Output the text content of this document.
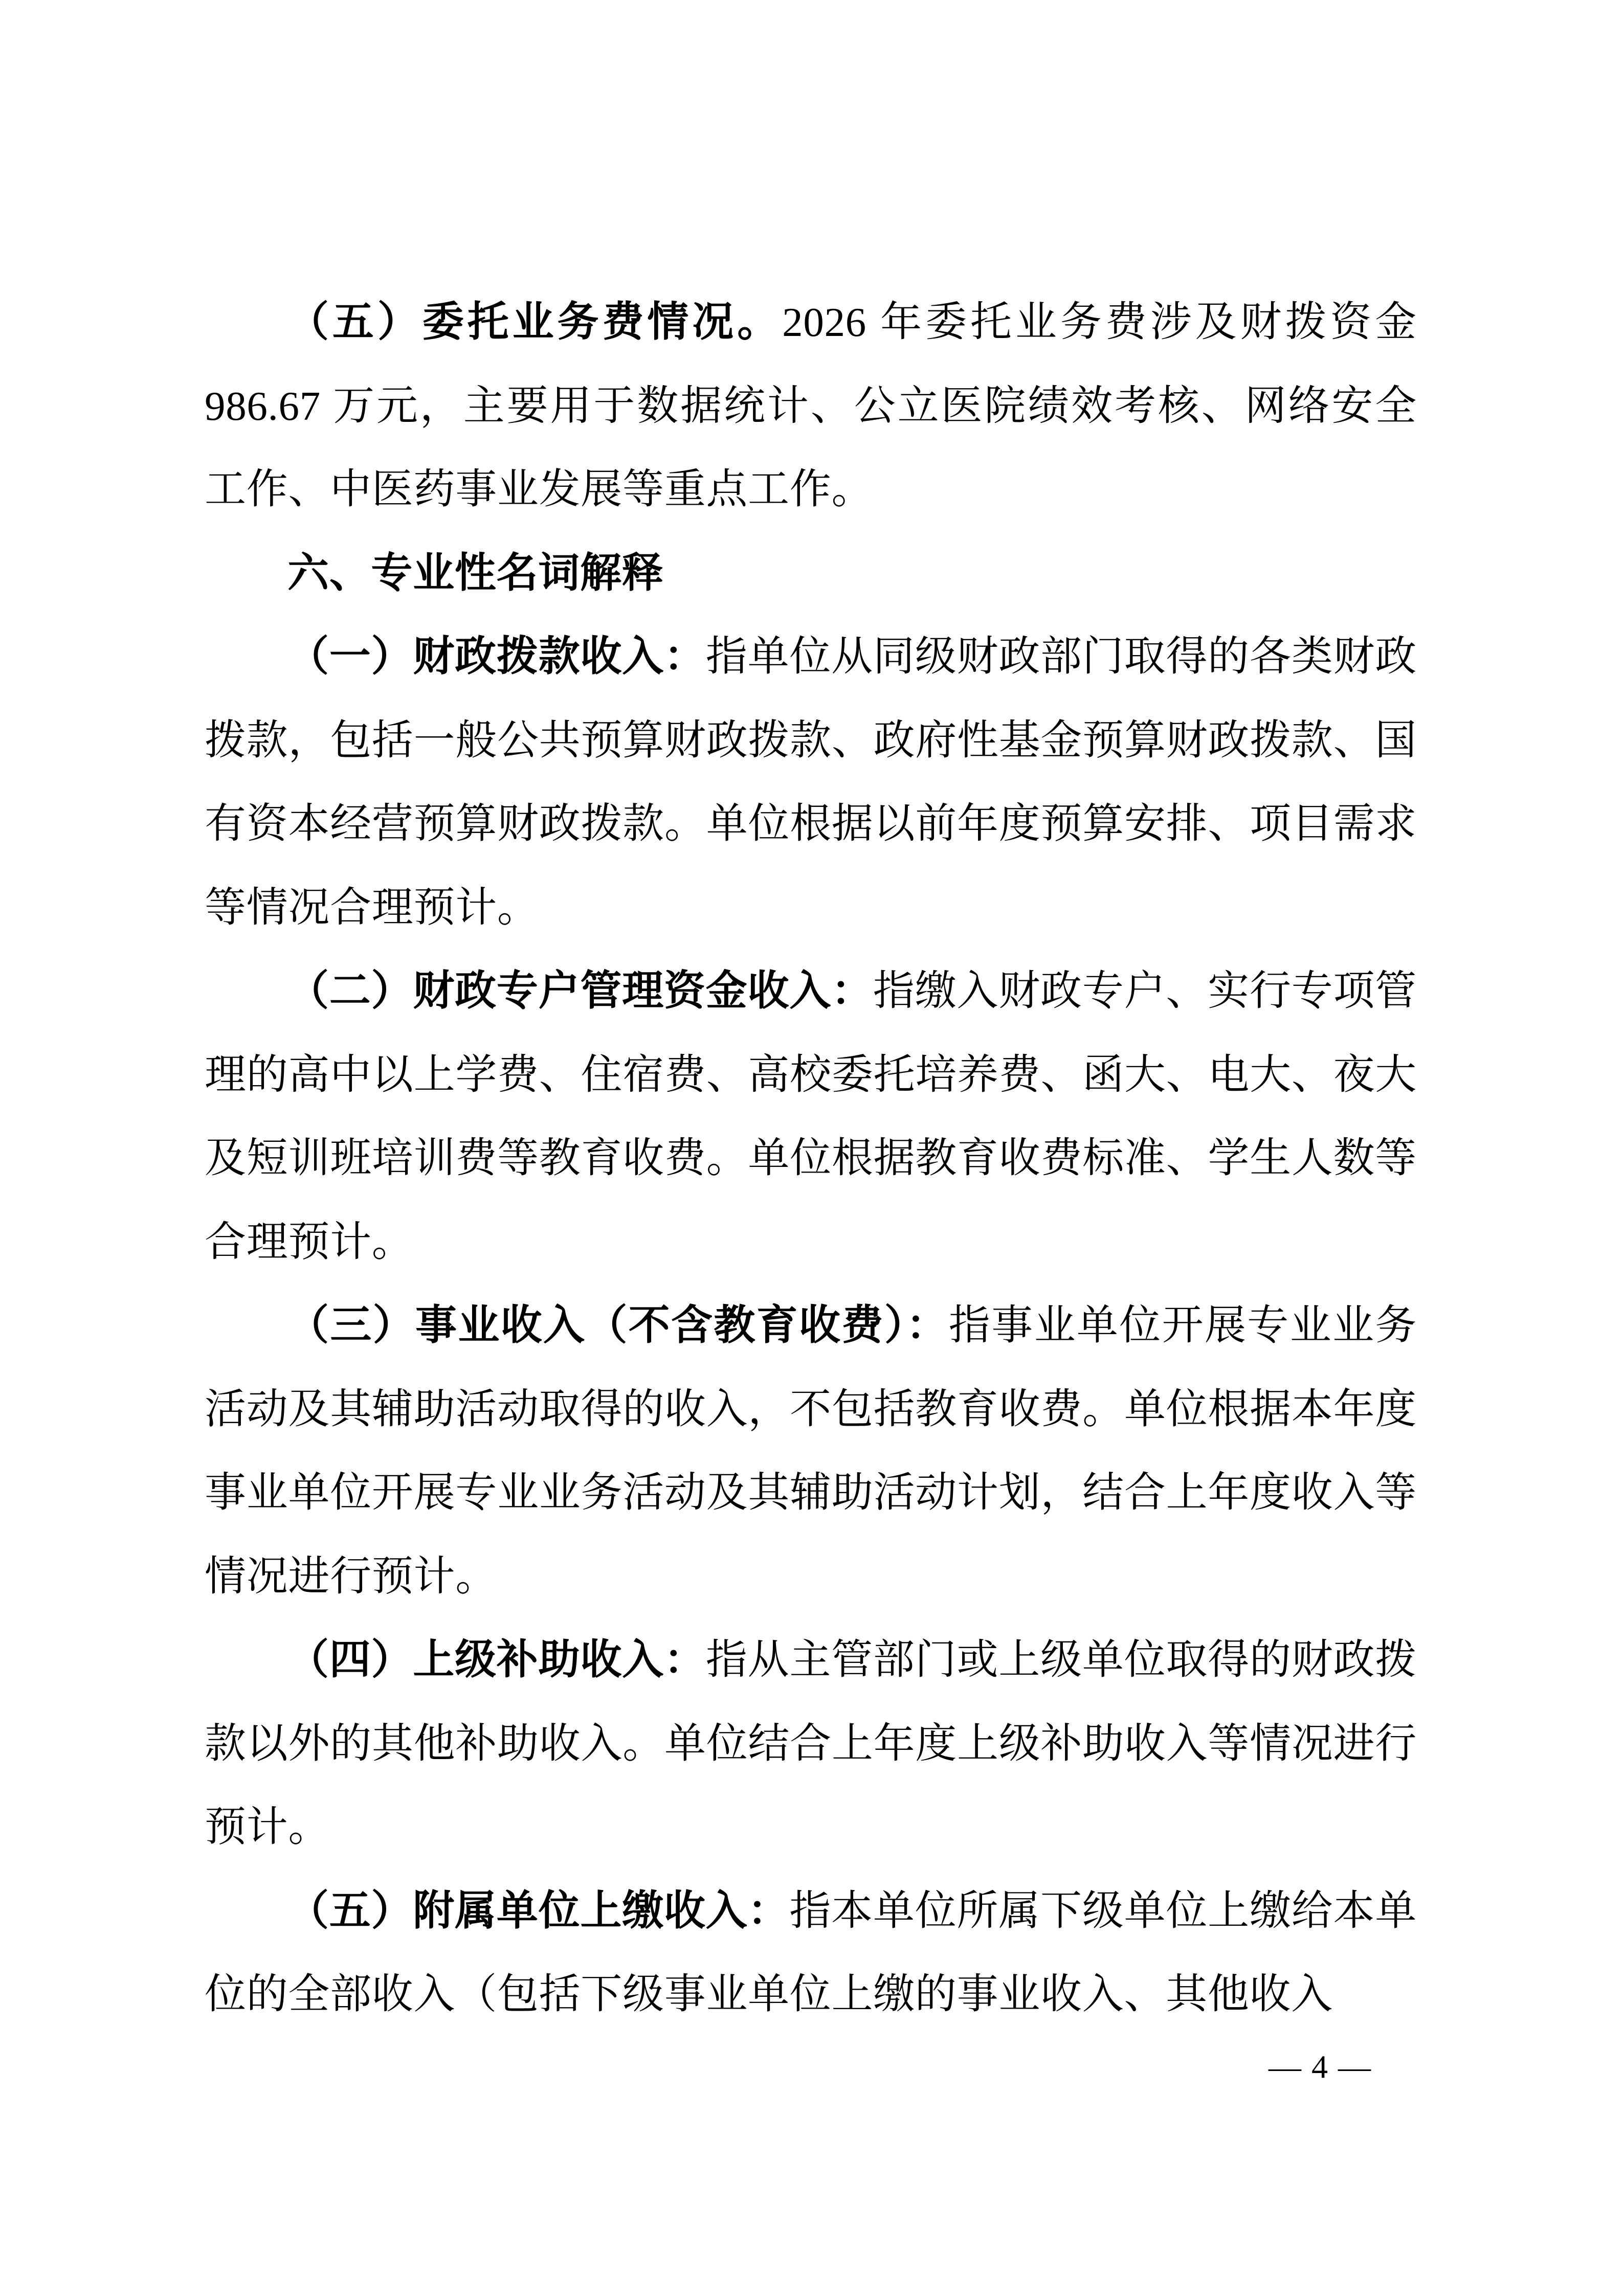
（五）委托业务费情况。2026 年委托业务费涉及财拨资金 986.67 万元，主要用于数据统计、公立医院绩效考核、网络安全工作、中医药事业发展等重点工作。

六、专业性名词解释

（一）财政拨款收入：指单位从同级财政部门取得的各类财政拨款，包括一般公共预算财政拨款、政府性基金预算财政拨款、国有资本经营预算财政拨款。单位根据以前年度预算安排、项目需求等情况合理预计。

（二）财政专户管理资金收入：指缴入财政专户、实行专项管理的高中以上学费、住宿费、高校委托培养费、函大、电大、夜大及短训班培训费等教育收费。单位根据教育收费标准、学生人数等合理预计。

（三）事业收入（不含教育收费）：指事业单位开展专业业务活动及其辅助活动取得的收入，不包括教育收费。单位根据本年度事业单位开展专业业务活动及其辅助活动计划，结合上年度收入等情况进行预计。

（四）上级补助收入：指从主管部门或上级单位取得的财政拨款以外的其他补助收入。单位结合上年度上级补助收入等情况进行预计。

（五）附属单位上缴收入：指本单位所属下级单位上缴给本单位的全部收入（包括下级事业单位上缴的事业收入、其他收入

— 4 —
